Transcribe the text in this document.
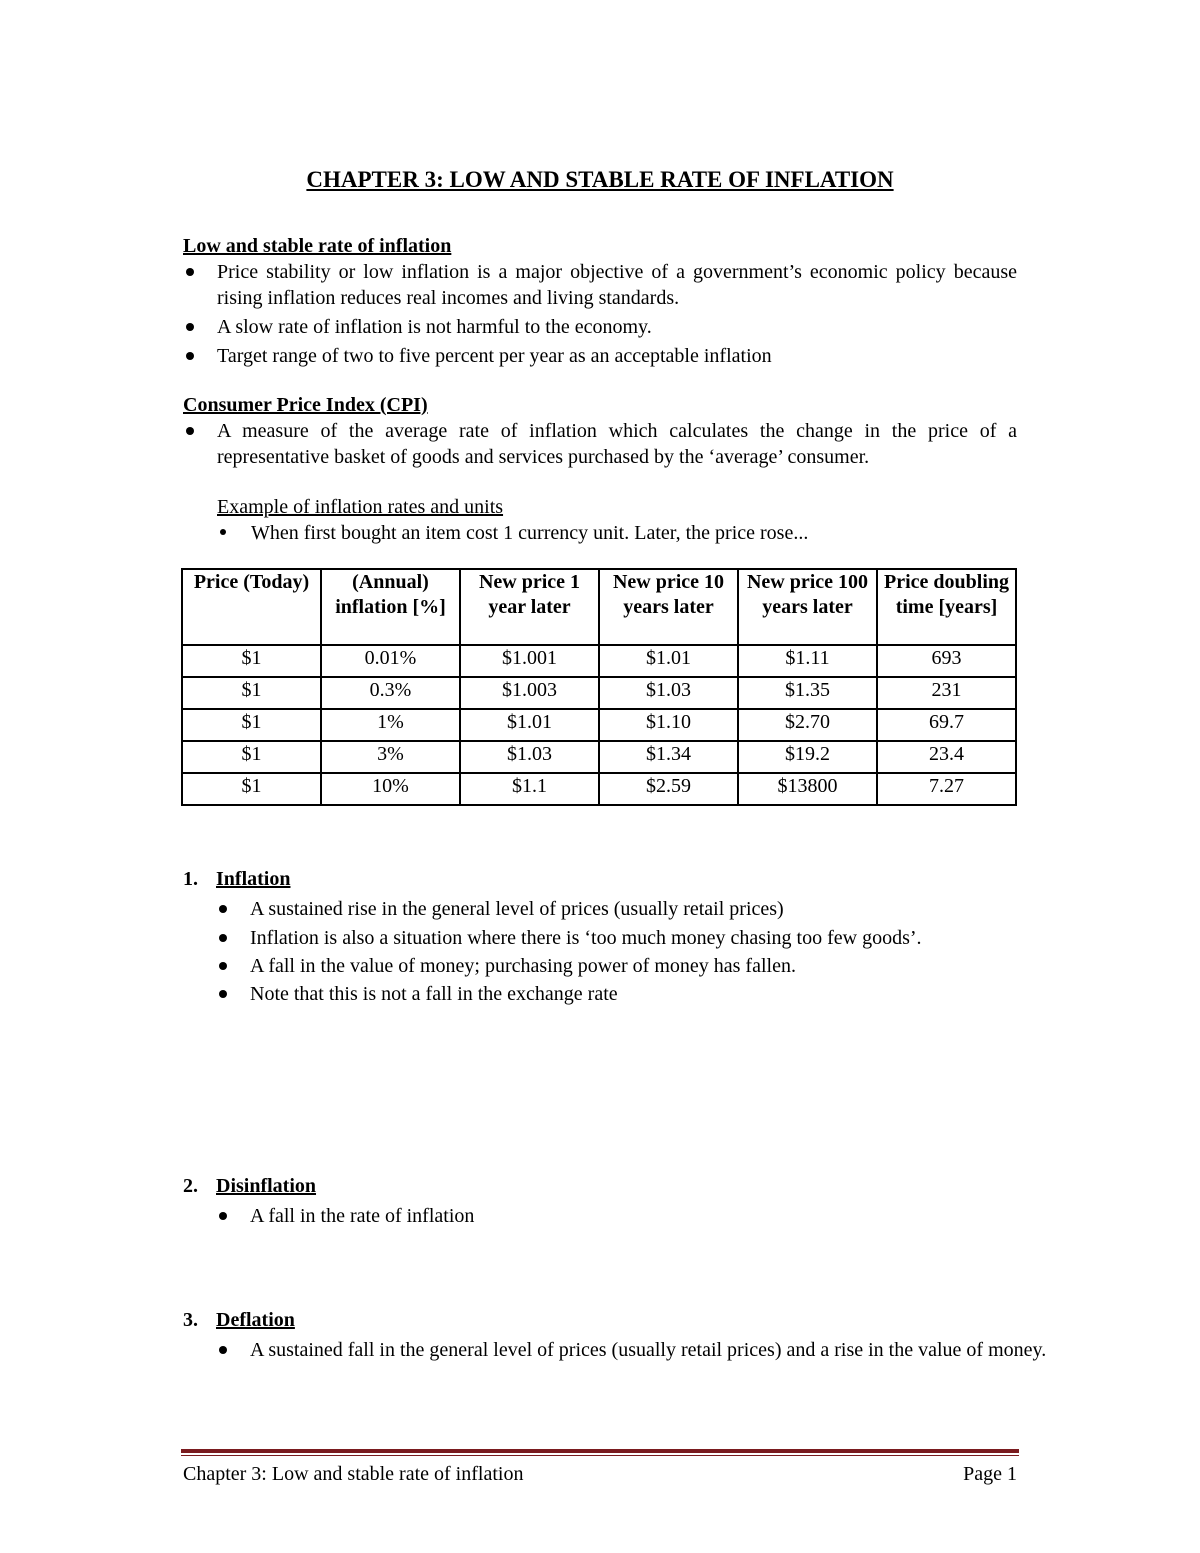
CHAPTER 3: LOW AND STABLE RATE OF INFLATION
Low and stable rate of inflation
Price stability or low inflation is a major objective of a government’s economic policy because rising inflation reduces real incomes and living standards.
A slow rate of inflation is not harmful to the economy.
Target range of two to five percent per year as an acceptable inflation
Consumer Price Index (CPI)
A measure of the average rate of inflation which calculates the change in the price of a representative basket of goods and services purchased by the ‘average’ consumer.
Example of inflation rates and units
When first bought an item cost 1 currency unit. Later, the price rose...
Price (Today)	(Annual) inflation [%]	New price 1 year later	New price 10 years later	New price 100 years later	Price doubling time [years]
$1	0.01%	$1.001	$1.01	$1.11	693
$1	0.3%	$1.003	$1.03	$1.35	231
$1	1%	$1.01	$1.10	$2.70	69.7
$1	3%	$1.03	$1.34	$19.2	23.4
$1	10%	$1.1	$2.59	$13800	7.27
1. Inflation
A sustained rise in the general level of prices (usually retail prices)
Inflation is also a situation where there is ‘too much money chasing too few goods’.
A fall in the value of money; purchasing power of money has fallen.
Note that this is not a fall in the exchange rate
2. Disinflation
A fall in the rate of inflation
3. Deflation
A sustained fall in the general level of prices (usually retail prices) and a rise in the value of money.
Chapter 3: Low and stable rate of inflation	Page 1
